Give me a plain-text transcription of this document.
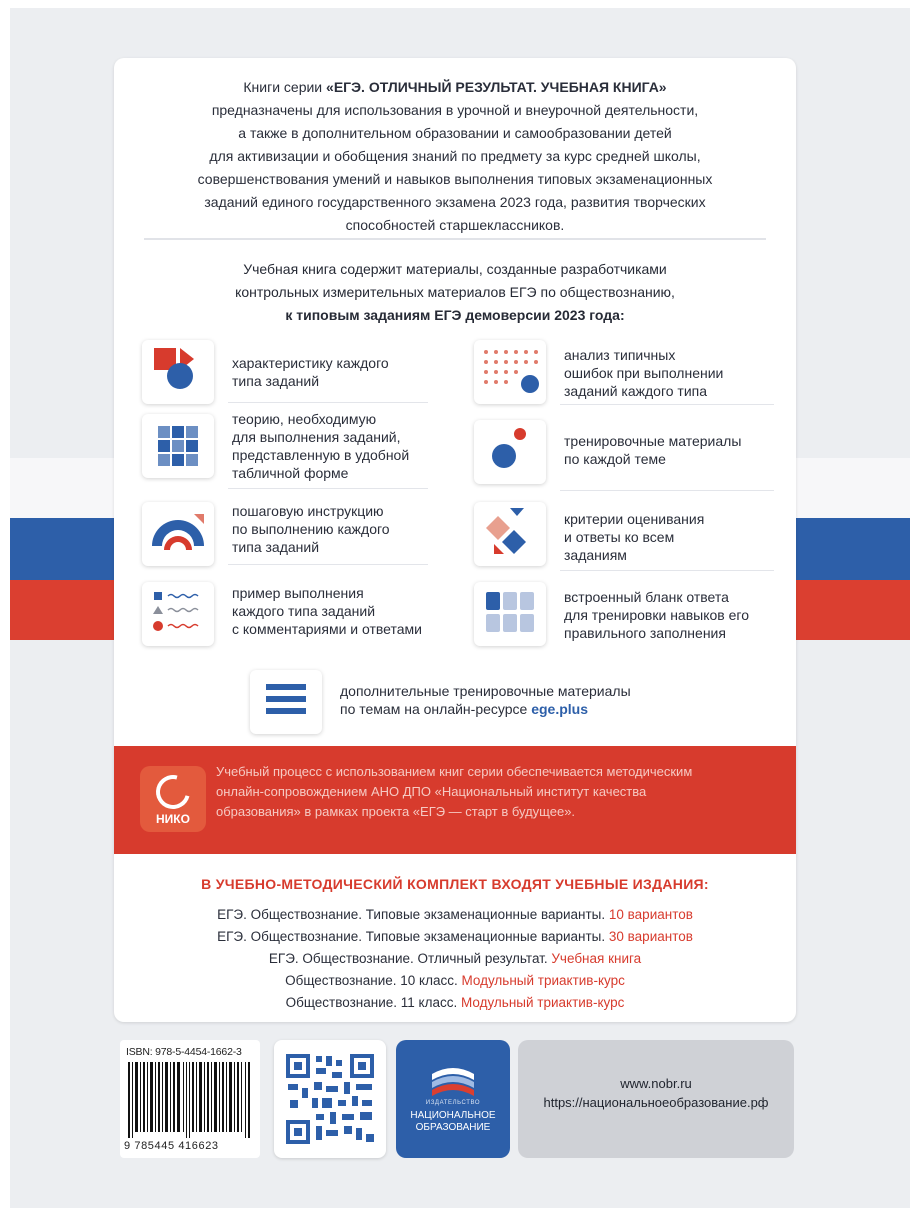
Книги серии «ЕГЭ. ОТЛИЧНЫЙ РЕЗУЛЬТАТ. УЧЕБНАЯ КНИГА»
предназначены для использования в урочной и внеурочной деятельности,
а также в дополнительном образовании и самообразовании детей
для активизации и обобщения знаний по предмету за курс средней школы,
совершенствования умений и навыков выполнения типовых экзаменационных
заданий единого государственного экзамена 2023 года, развития творческих
способностей старшеклассников.
Учебная книга содержит материалы, созданные разработчиками
контрольных измерительных материалов ЕГЭ по обществознанию,
к типовым заданиям ЕГЭ демоверсии 2023 года:
характеристику каждого
типа заданий
анализ типичных
ошибок при выполнении
заданий каждого типа
теорию, необходимую
для выполнения заданий,
представленную в удобной
табличной форме
тренировочные материалы
по каждой теме
пошаговую инструкцию
по выполнению каждого
типа заданий
критерии оценивания
и ответы ко всем
заданиям
пример выполнения
каждого типа заданий
с комментариями и ответами
встроенный бланк ответа
для тренировки навыков его
правильного заполнения
дополнительные тренировочные материалы
по темам на онлайн-ресурсе ege.plus
НИКО
Учебный процесс с использованием книг серии обеспечивается методическим
онлайн-сопровождением АНО ДПО «Национальный институт качества
образования» в рамках проекта «ЕГЭ — старт в будущее».
В УЧЕБНО-МЕТОДИЧЕСКИЙ КОМПЛЕКТ ВХОДЯТ УЧЕБНЫЕ ИЗДАНИЯ:
ЕГЭ. Обществознание. Типовые экзаменационные варианты. 10 вариантов
ЕГЭ. Обществознание. Типовые экзаменационные варианты. 30 вариантов
ЕГЭ. Обществознание. Отличный результат. Учебная книга
Обществознание. 10 класс. Модульный триактив-курс
Обществознание. 11 класс. Модульный триактив-курс
ISBN: 978-5-4454-1662-3
9 785445 416623
ИЗДАТЕЛЬСТВО
НАЦИОНАЛЬНОЕ
ОБРАЗОВАНИЕ
www.nobr.ru
https://национальноеобразование.рф
